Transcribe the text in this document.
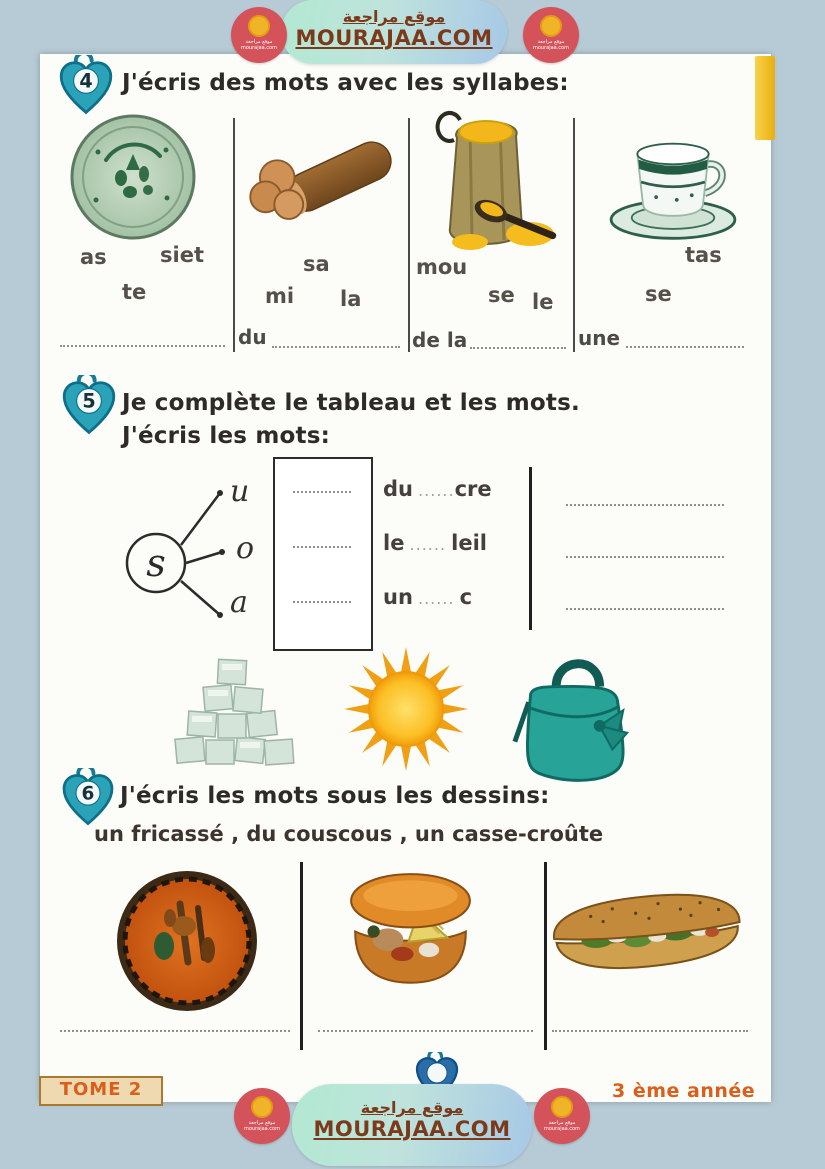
موقع مراجعة
mourajaa.com
موقع مراجعة
MOURAJAA.COM	موقع مراجعة
mourajaa.com
4 J'écris des mots avec les syllabes:
as	siet
te
sa
mi la
mou
se le
tas
se
du	de la	une
5 Je complète le tableau et les mots.
J'écris les mots:
s
u
o
a
du ......cre
le ...... leil
un ...... c
6 J'écris les mots sous les dessins:
un fricassé , du couscous , un casse-croûte
TOME 2	3 ème année
موقع مراجعة
mourajaa.com
موقع مراجعة
MOURAJAA.COM	موقع مراجعة
mourajaa.com
